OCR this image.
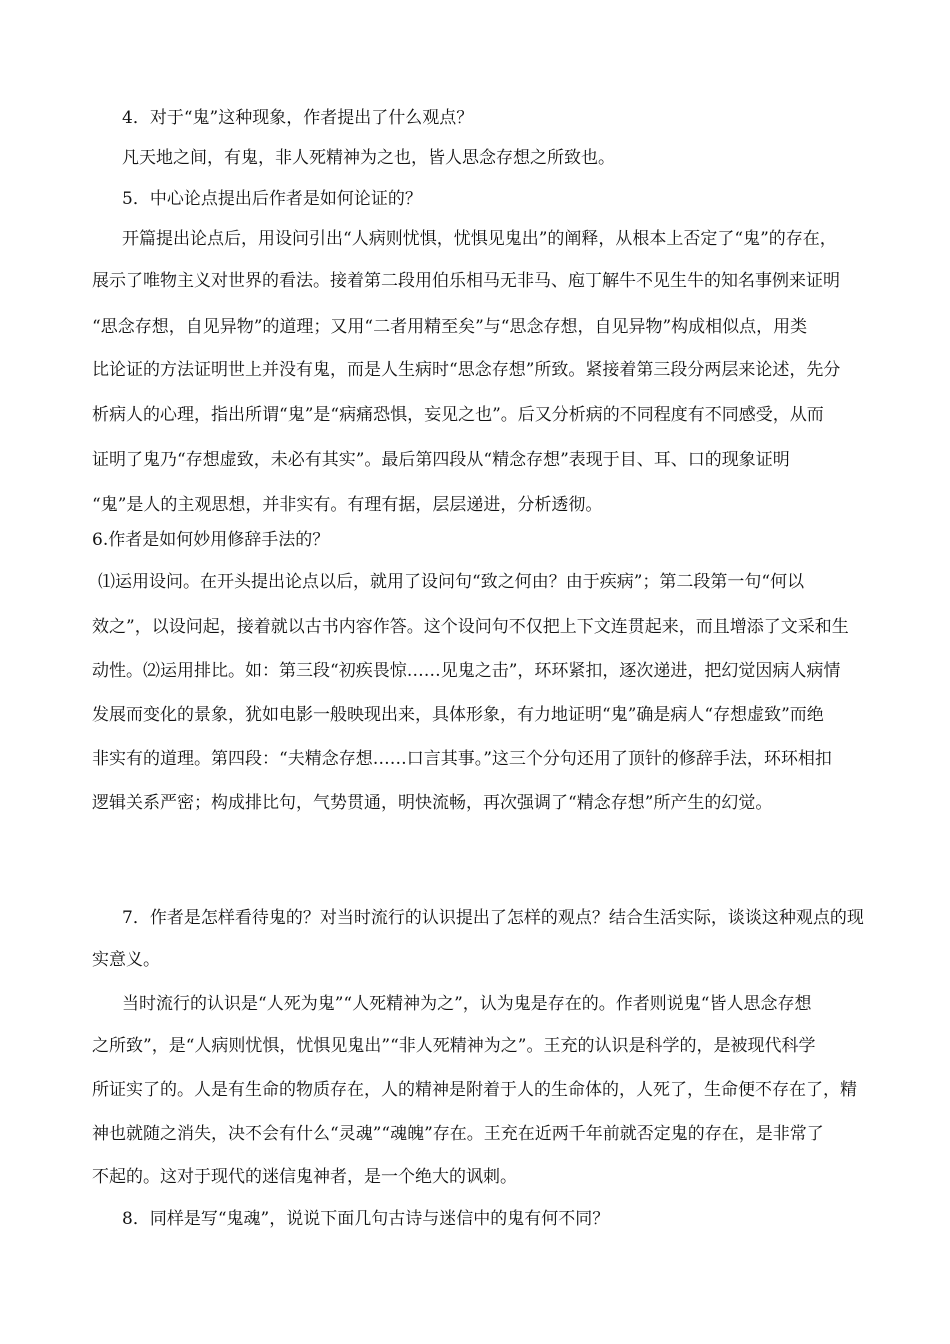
4．对于“鬼”这种现象，作者提出了什么观点？
凡天地之间，有鬼，非人死精神为之也，皆人思念存想之所致也。
5．中心论点提出后作者是如何论证的？
开篇提出论点后，用设问引出“人病则忧惧，忧惧见鬼出”的阐释，从根本上否定了“鬼”的存在，
展示了唯物主义对世界的看法。接着第二段用伯乐相马无非马、庖丁解牛不见生牛的知名事例来证明
“思念存想，自见异物”的道理；又用“二者用精至矣”与“思念存想，自见异物”构成相似点，用类
比论证的方法证明世上并没有鬼，而是人生病时“思念存想”所致。紧接着第三段分两层来论述，先分
析病人的心理，指出所谓“鬼”是“病痛恐惧，妄见之也”。后又分析病的不同程度有不同感受，从而
证明了鬼乃“存想虚致，未必有其实”。最后第四段从“精念存想”表现于目、耳、口的现象证明
“鬼”是人的主观思想，并非实有。有理有据，层层递进，分析透彻。
6.作者是如何妙用修辞手法的？
⑴运用设问。在开头提出论点以后，就用了设问句“致之何由？由于疾病”；第二段第一句“何以
效之”，以设问起，接着就以古书内容作答。这个设问句不仅把上下文连贯起来，而且增添了文采和生
动性。⑵运用排比。如：第三段“初疾畏惊……见鬼之击”，环环紧扣，逐次递进，把幻觉因病人病情
发展而变化的景象，犹如电影一般映现出来，具体形象，有力地证明“鬼”确是病人“存想虚致”而绝
非实有的道理。第四段：“夫精念存想……口言其事。”这三个分句还用了顶针的修辞手法，环环相扣
逻辑关系严密；构成排比句，气势贯通，明快流畅，再次强调了“精念存想”所产生的幻觉。
7．作者是怎样看待鬼的？对当时流行的认识提出了怎样的观点？结合生活实际，谈谈这种观点的现
实意义。
当时流行的认识是“人死为鬼”“人死精神为之”，认为鬼是存在的。作者则说鬼“皆人思念存想
之所致”，是“人病则忧惧，忧惧见鬼出”“非人死精神为之”。王充的认识是科学的，是被现代科学
所证实了的。人是有生命的物质存在，人的精神是附着于人的生命体的，人死了，生命便不存在了，精
神也就随之消失，决不会有什么“灵魂”“魂魄”存在。王充在近两千年前就否定鬼的存在，是非常了
不起的。这对于现代的迷信鬼神者，是一个绝大的讽刺。
8．同样是写“鬼魂”，说说下面几句古诗与迷信中的鬼有何不同？
